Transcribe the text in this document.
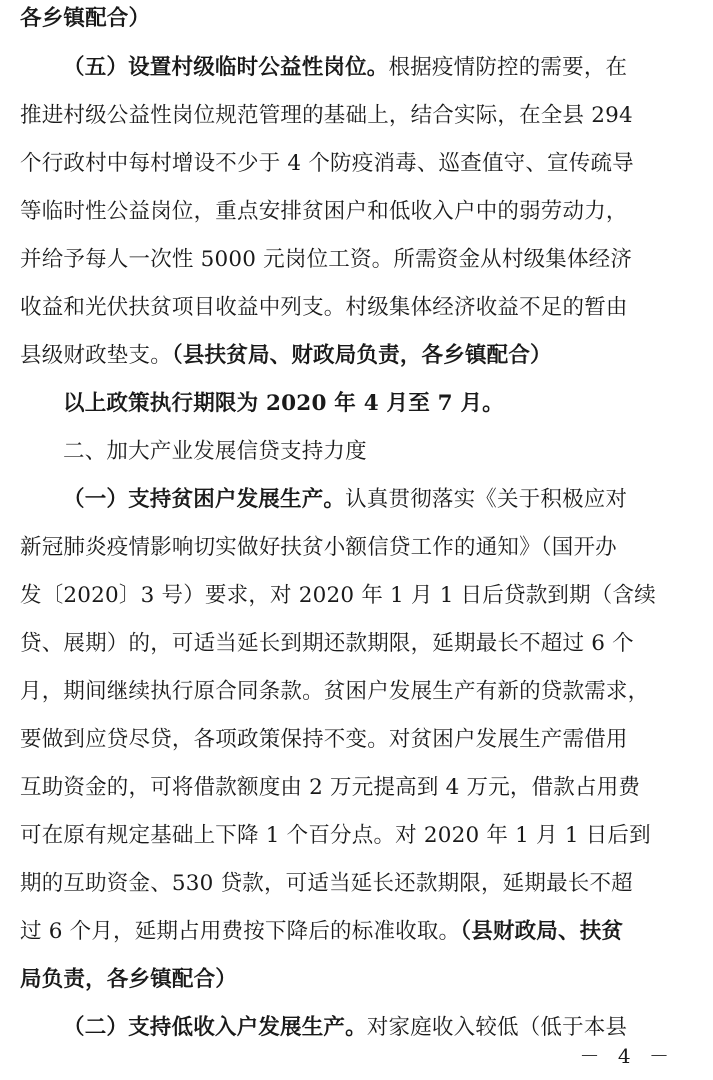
各乡镇配合）
（五）设置村级临时公益性岗位。根据疫情防控的需要，在
推进村级公益性岗位规范管理的基础上，结合实际，在全县 294
个行政村中每村增设不少于 4 个防疫消毒、巡查值守、宣传疏导
等临时性公益岗位，重点安排贫困户和低收入户中的弱劳动力，
并给予每人一次性 5000 元岗位工资。所需资金从村级集体经济
收益和光伏扶贫项目收益中列支。村级集体经济收益不足的暂由
县级财政垫支。（县扶贫局、财政局负责，各乡镇配合）
以上政策执行期限为 2020 年 4 月至 7 月。
二、加大产业发展信贷支持力度
（一）支持贫困户发展生产。认真贯彻落实《关于积极应对
新冠肺炎疫情影响切实做好扶贫小额信贷工作的通知》（国开办
发〔2020〕3 号）要求，对 2020 年 1 月 1 日后贷款到期（含续
贷、展期）的，可适当延长到期还款期限，延期最长不超过 6 个
月，期间继续执行原合同条款。贫困户发展生产有新的贷款需求，
要做到应贷尽贷，各项政策保持不变。对贫困户发展生产需借用
互助资金的，可将借款额度由 2 万元提高到 4 万元，借款占用费
可在原有规定基础上下降 1 个百分点。对 2020 年 1 月 1 日后到
期的互助资金、530 贷款，可适当延长还款期限，延期最长不超
过 6 个月，延期占用费按下降后的标准收取。（县财政局、扶贫
局负责，各乡镇配合）
（二）支持低收入户发展生产。对家庭收入较低（低于本县
－ 4 －
